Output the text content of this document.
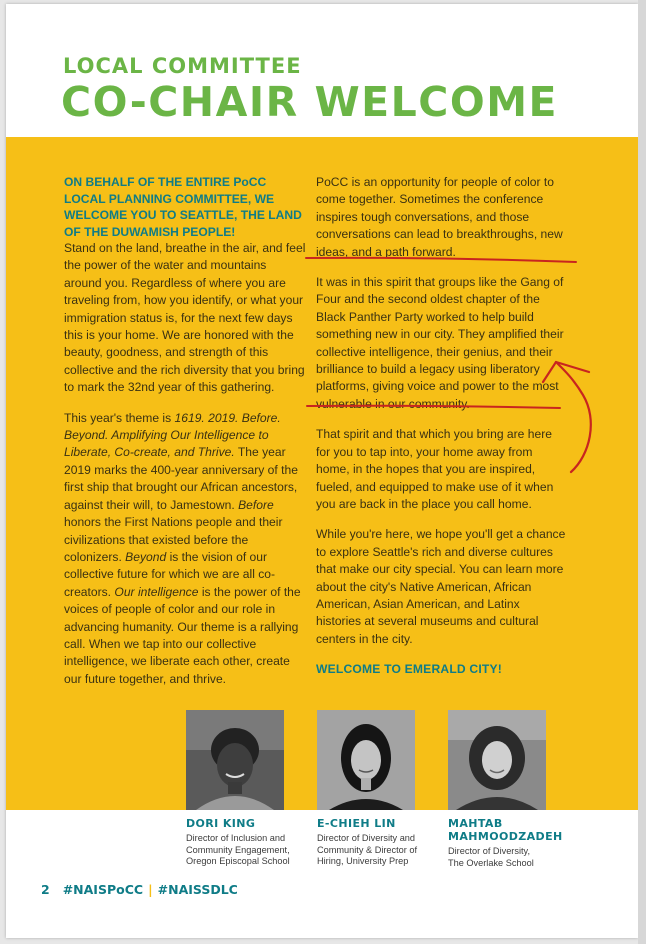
LOCAL COMMITTEE
CO-CHAIR WELCOME
ON BEHALF OF THE ENTIRE PoCC LOCAL PLANNING COMMITTEE, WE WELCOME YOU TO SEATTLE, THE LAND OF THE DUWAMISH PEOPLE!

Stand on the land, breathe in the air, and feel the power of the water and mountains around you. Regardless of where you are traveling from, how you identify, or what your immigration status is, for the next few days this is your home. We are honored with the beauty, goodness, and strength of this collective and the rich diversity that you bring to mark the 32nd year of this gathering.

This year's theme is 1619. 2019. Before. Beyond. Amplifying Our Intelligence to Liberate, Co-create, and Thrive. The year 2019 marks the 400-year anniversary of the first ship that brought our African ancestors, against their will, to Jamestown. Before honors the First Nations people and their civilizations that existed before the colonizers. Beyond is the vision of our collective future for which we are all co-creators. Our intelligence is the power of the voices of people of color and our role in advancing humanity. Our theme is a rallying call. When we tap into our collective intelligence, we liberate each other, create our future together, and thrive.

PoCC is an opportunity for people of color to come together. Sometimes the conference inspires tough conversations, and those conversations can lead to breakthroughs, new ideas, and a path forward.

It was in this spirit that groups like the Gang of Four and the second oldest chapter of the Black Panther Party worked to help build something new in our city. They amplified their collective intelligence, their genius, and their brilliance to build a legacy using liberatory platforms, giving voice and power to the most vulnerable in our community.

That spirit and that which you bring are here for you to tap into, your home away from home, in the hopes that you are inspired, fueled, and equipped to make use of it when you are back in the place you call home.

While you're here, we hope you'll get a chance to explore Seattle's rich and diverse cultures that make our city special. You can learn more about the city's Native American, African American, Asian American, and Latinx histories at several museums and cultural centers in the city.

WELCOME TO EMERALD CITY!

DORI KING
Director of Inclusion and Community Engagement, Oregon Episcopal School
E-CHIEH LIN
Director of Diversity and Community & Director of Hiring, University Prep
MAHTAB MAHMOODZADEH
Director of Diversity, The Overlake School
2 #NAISPoCC | #NAISSDLC
